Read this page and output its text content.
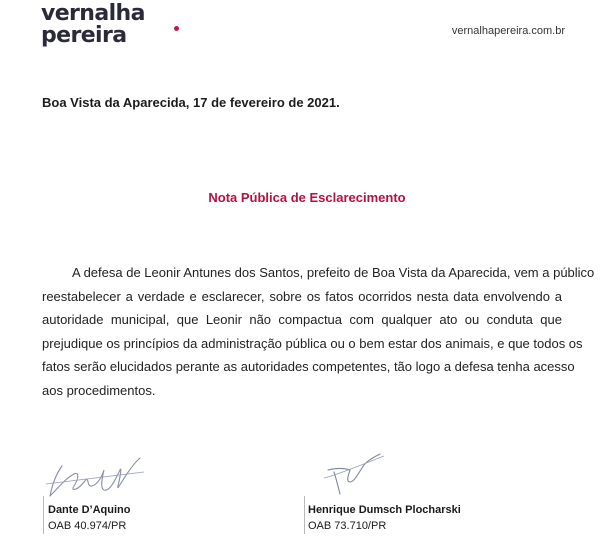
vernalha
pereira	vernalhapereira.com.br
Boa Vista da Aparecida, 17 de fevereiro de 2021.
Nota Pública de Esclarecimento
A defesa de Leonir Antunes dos Santos, prefeito de Boa Vista da Aparecida, vem a público
reestabelecer a verdade e esclarecer, sobre os fatos ocorridos nesta data envolvendo a
autoridade municipal, que Leonir não compactua com qualquer ato ou conduta que
prejudique os princípios da administração pública ou o bem estar dos animais, e que todos os
fatos serão elucidados perante as autoridades competentes, tão logo a defesa tenha acesso
aos procedimentos.
Dante D’Aquino
OAB 40.974/PR
Henrique Dumsch Plocharski
OAB 73.710/PR
